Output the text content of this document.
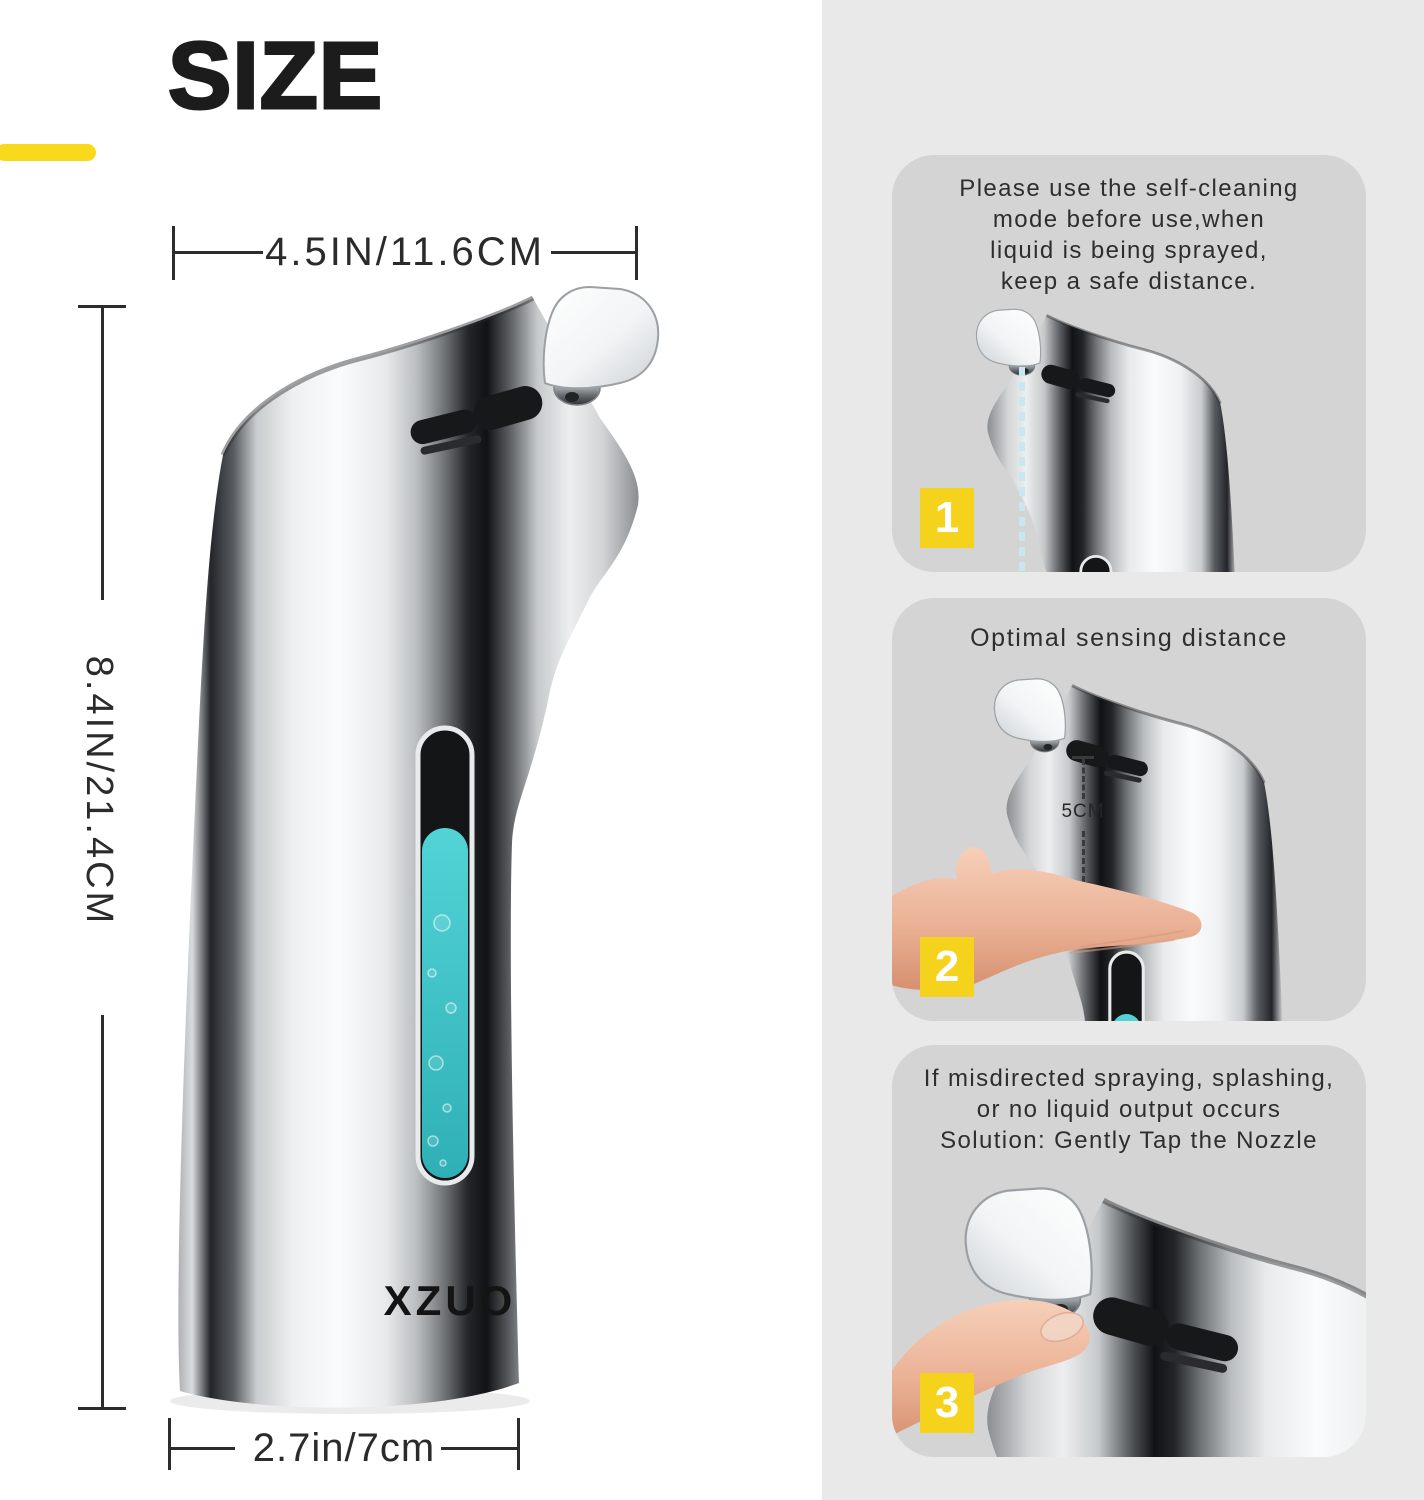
SIZE
4.5IN/11.6CM
8.4IN/21.4CM
2.7in/7cm
XZUO
Please use the self-cleaning
mode before use,when
liquid is being sprayed,
keep a safe distance.
1
Optimal sensing distance
5CM
2
If misdirected spraying, splashing,
or no liquid output occurs
Solution: Gently Tap the Nozzle
3
